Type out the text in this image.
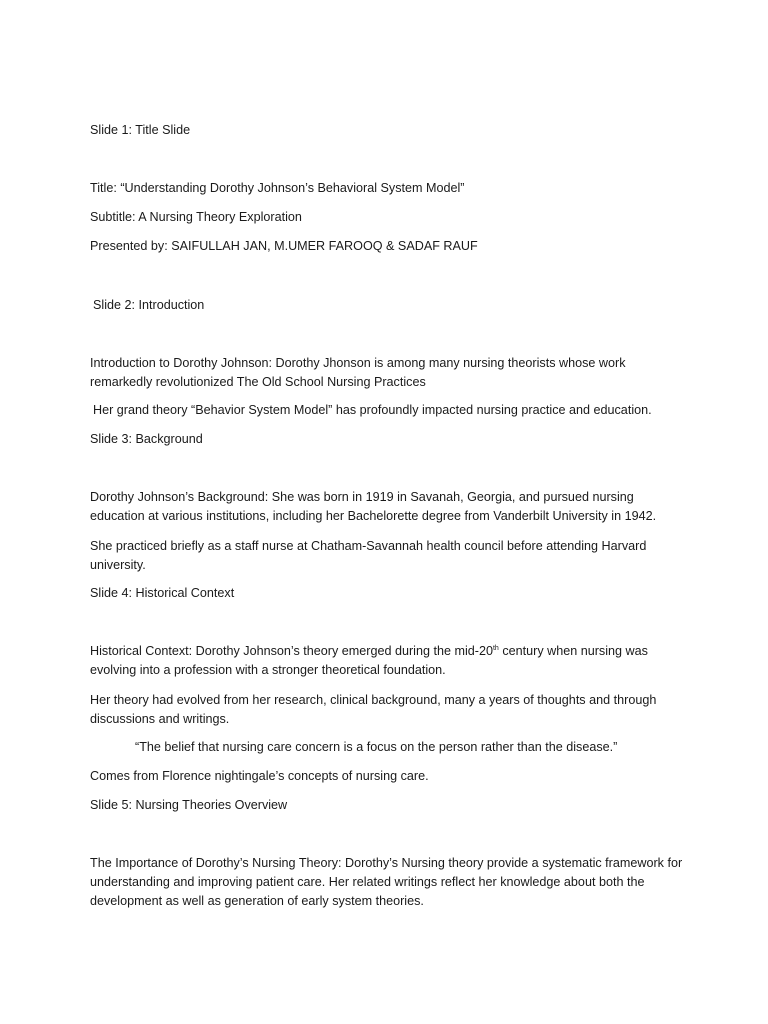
Slide 1: Title Slide

Title: “Understanding Dorothy Johnson’s Behavioral System Model”

Subtitle: A Nursing Theory Exploration

Presented by: SAIFULLAH JAN, M.UMER FAROOQ & SADAF RAUF

Slide 2: Introduction

Introduction to Dorothy Johnson: Dorothy Jhonson is among many nursing theorists whose work remarkedly revolutionized The Old School Nursing Practices

Her grand theory “Behavior System Model” has profoundly impacted nursing practice and education.

Slide 3: Background

Dorothy Johnson’s Background: She was born in 1919 in Savanah, Georgia, and pursued nursing education at various institutions, including her Bachelorette degree from Vanderbilt University in 1942.

She practiced briefly as a staff nurse at Chatham-Savannah health council before attending Harvard university.

Slide 4: Historical Context

Historical Context: Dorothy Johnson’s theory emerged during the mid-20th century when nursing was evolving into a profession with a stronger theoretical foundation.

Her theory had evolved from her research, clinical background, many a years of thoughts and through discussions and writings.

“The belief that nursing care concern is a focus on the person rather than the disease.”

Comes from Florence nightingale’s concepts of nursing care.

Slide 5: Nursing Theories Overview

The Importance of Dorothy’s Nursing Theory: Dorothy’s Nursing theory provide a systematic framework for understanding and improving patient care. Her related writings reflect her knowledge about both the development as well as generation of early system theories.
